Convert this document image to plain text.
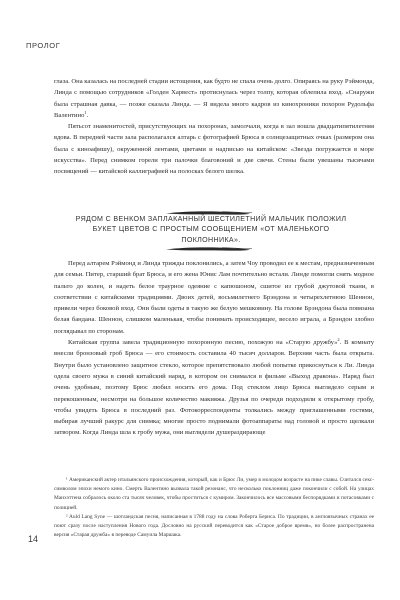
ПРОЛОГ

глаза. Она казалась на последней стадии истощения, как будто не спала очень долго. Опираясь на руку Рэймонда, Линда с помощью сотрудников «Голден Харвест» протиснулась через толпу, которая облепила вход. «Снаружи была страшная давка, — позже сказала Линда. — Я видела много кадров из кинохроники похорон Рудольфа Валентино$^1$.

Пятьсот знаменитостей, присутствующих на похоронах, замолчали, когда в зал вошла двадцатипятилетняя вдова. В передней части зала располагался алтарь с фотографией Брюса в солнцезащитных очках (размером она была с киноафишу), окруженной лентами, цветами и надписью на китайском: «Звезда погружается в море искусства». Перед снимком горели три палочки благовоний и две свечи. Стены были увешаны тысячами посвящений — китайской каллиграфией на полосках белого шелка.

РЯДОМ С ВЕНКОМ ЗАПЛАКАННЫЙ ШЕСТИЛЕТНИЙ МАЛЬЧИК ПОЛОЖИЛ БУКЕТ ЦВЕТОВ С ПРОСТЫМ СООБЩЕНИЕМ «ОТ МАЛЕНЬКОГО ПОКЛОННИКА».

Перед алтарем Рэймонд и Линда трижды поклонились, а затем Чоу проводил ее к местам, предназначенным для семьи. Питер, старший брат Брюса, и его жена Юнис Лам почтительно встали. Линде помогли снять модное пальто до колен, и надеть белое траурное одеяние с капюшоном, сшитое из грубой джутовой ткани, в соответствии с китайскими традициями. Двоих детей, восьмилетнего Брэндона и четырехлетнюю Шеннон, привели через боковой вход. Они были одеты в такую же белую мешковину. На голове Брэндона была повязана белая бандана. Шеннон, слишком маленькая, чтобы понимать происходящее, весело играла, а Брэндон злобно поглядывал по сторонам.

Китайская группа завела традиционную похоронную песню, похожую на «Старую дружбу»$^2$. В комнату внесли бронзовый гроб Брюса — его стоимость составила 40 тысяч долларов. Верхняя часть была открыта. Внутри было установлено защитное стекло, которое препятствовало любой попытке прикоснуться к Ли. Линда одела своего мужа в синий китайский наряд, в котором он снимался в фильме «Выход дракона». Наряд был очень удобным, поэтому Брюс любил носить его дома. Под стеклом лицо Брюса выглядело серым и перекошенным, несмотря на большое количество макияжа. Друзья по очереди подходили к открытому гробу, чтобы увидеть Брюса в последний раз. Фотокорреспонденты толкались между приглашенными гостями, выбирая лучший ракурс для снимка; многие просто поднимали фотоаппараты над головой и просто щелкали затвором. Когда Линда шла к гробу мужа, они выглядели душераздирающе

¹ Американский актер итальянского происхождения, который, как и Брюс Ли, умер в молодом возрасте на пике славы. Считался секс-символом эпохи немого кино. Смерть Валентино вызвала такой резонанс, что несколько поклонниц даже покончили с собой. На улицах Манхэттена собралось около ста тысяч человек, чтобы проститься с кумиром. Закончилось все массовыми беспорядками и потасовками с полицией.

² Auld Lang Syne — шотландская песня, написанная в 1788 году на слова Роберта Бернса. По традиции, в англоязычных странах ее поют сразу после наступления Нового года. Дословно на русский переводится как «Старое доброе время», но более распространена версия «Старая дружба» в переводе Самуила Маршака.

14
